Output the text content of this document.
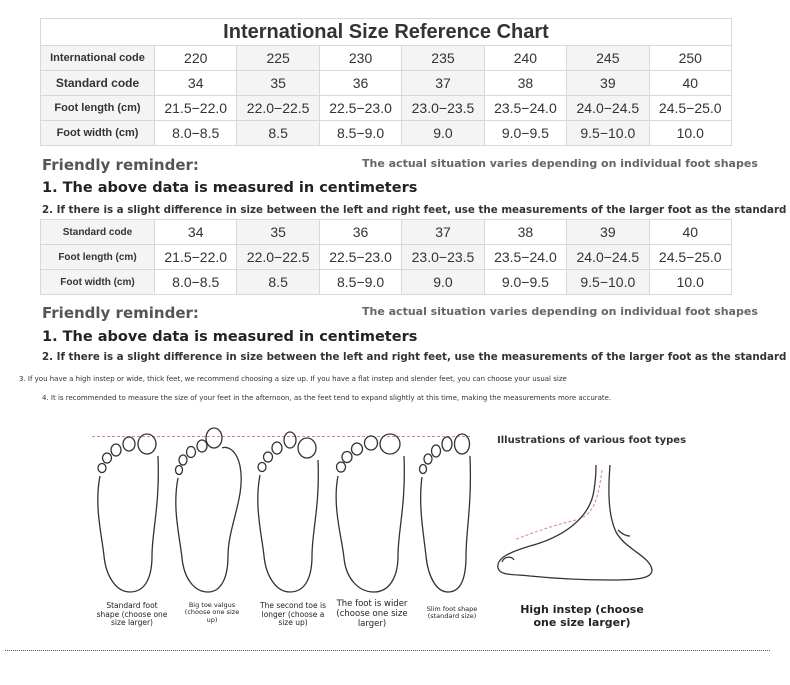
International Size Reference Chart							
International code	220	225	230	235	240	245	250
Standard code	34	35	36	37	38	39	40
Foot length (cm)	21.5−22.0	22.0−22.5	22.5−23.0	23.0−23.5	23.5−24.0	24.0−24.5	24.5−25.0
Foot width (cm)	8.0−8.5	8.5	8.5−9.0	9.0	9.0−9.5	9.5−10.0	10.0
Friendly reminder:	The actual situation varies depending on individual foot shapes
1. The above data is measured in centimeters
2. If there is a slight difference in size between the left and right feet, use the measurements of the larger foot as the standard
Standard code	34	35	36	37	38	39	40
Foot length (cm)	21.5−22.0	22.0−22.5	22.5−23.0	23.0−23.5	23.5−24.0	24.0−24.5	24.5−25.0
Foot width (cm)	8.0−8.5	8.5	8.5−9.0	9.0	9.0−9.5	9.5−10.0	10.0
Friendly reminder:	The actual situation varies depending on individual foot shapes
1. The above data is measured in centimeters
2. If there is a slight difference in size between the left and right feet, use the measurements of the larger foot as the standard
3. If you have a high instep or wide, thick feet, we recommend choosing a size up. If you have a flat instep and slender feet, you can choose your usual size
4. It is recommended to measure the size of your feet in the afternoon, as the feet tend to expand slightly at this time, making the measurements more accurate.
Standard foot shape (choose one size larger)
Big toe valgus (choose one size up)
The second toe is longer (choose a size up)
The foot is wider (choose one size larger)
Slim foot shape (standard size)
Illustrations of various foot types
High instep (choose one size larger)
